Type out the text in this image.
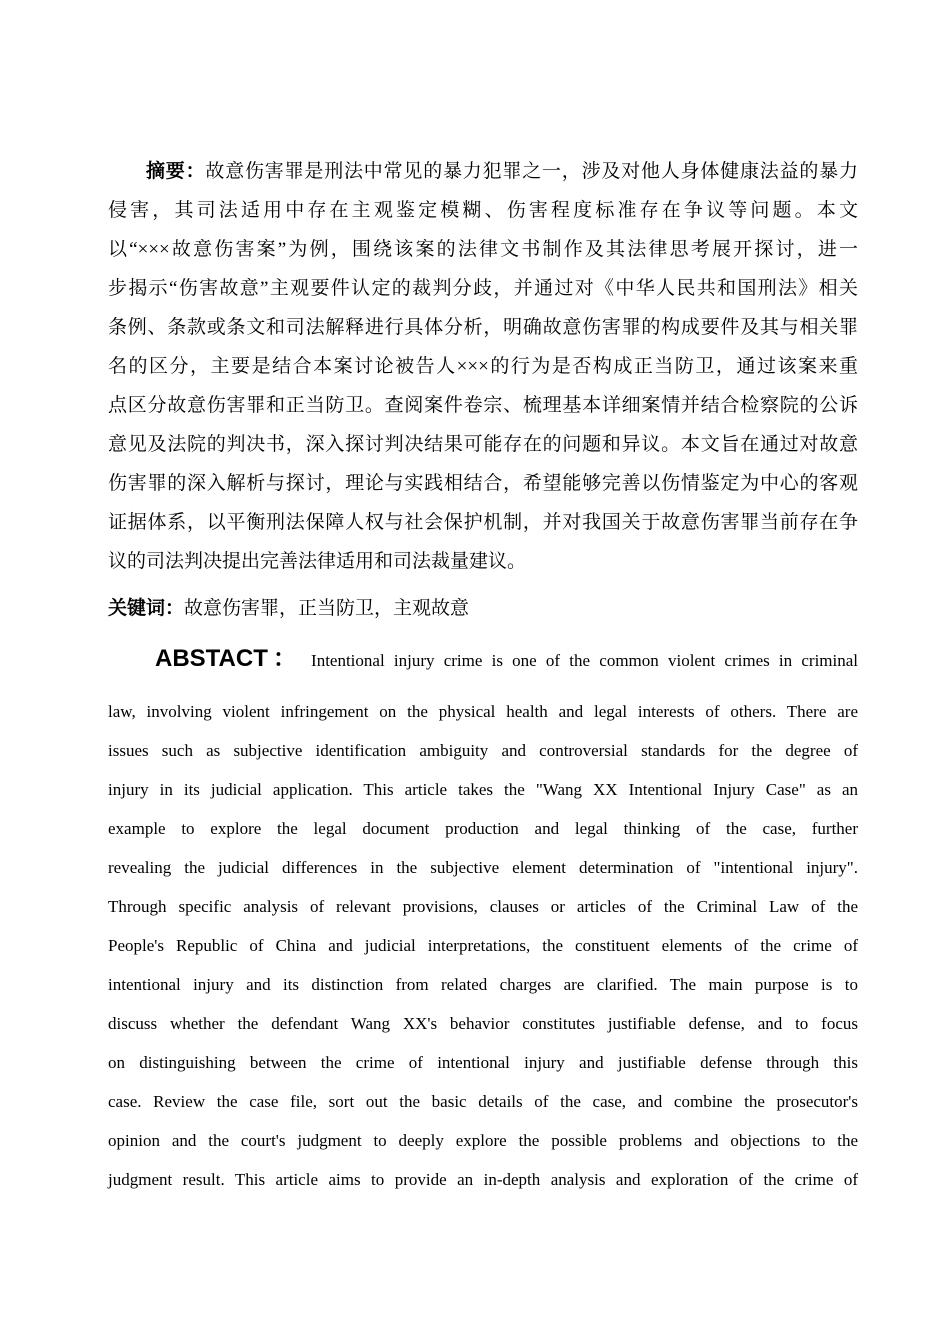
摘要：故意伤害罪是刑法中常见的暴力犯罪之一，涉及对他人身体健康法益的暴力
侵害，其司法适用中存在主观鉴定模糊、伤害程度标准存在争议等问题。本文
以“×××故意伤害案”为例，围绕该案的法律文书制作及其法律思考展开探讨，进一
步揭示“伤害故意”主观要件认定的裁判分歧，并通过对《中华人民共和国刑法》相关
条例、条款或条文和司法解释进行具体分析，明确故意伤害罪的构成要件及其与相关罪
名的区分，主要是结合本案讨论被告人×××的行为是否构成正当防卫，通过该案来重
点区分故意伤害罪和正当防卫。查阅案件卷宗、梳理基本详细案情并结合检察院的公诉
意见及法院的判决书，深入探讨判决结果可能存在的问题和异议。本文旨在通过对故意
伤害罪的深入解析与探讨，理论与实践相结合，希望能够完善以伤情鉴定为中心的客观
证据体系，以平衡刑法保障人权与社会保护机制，并对我国关于故意伤害罪当前存在争
议的司法判决提出完善法律适用和司法裁量建议。
关键词：故意伤害罪，正当防卫，主观故意
ABSTACT： Intentional injury crime is one of the common violent crimes in criminal
law, involving violent infringement on the physical health and legal interests of others. There are
issues such as subjective identification ambiguity and controversial standards for the degree of
injury in its judicial application. This article takes the "Wang XX Intentional Injury Case" as an
example to explore the legal document production and legal thinking of the case, further
revealing the judicial differences in the subjective element determination of "intentional injury".
Through specific analysis of relevant provisions, clauses or articles of the Criminal Law of the
People's Republic of China and judicial interpretations, the constituent elements of the crime of
intentional injury and its distinction from related charges are clarified. The main purpose is to
discuss whether the defendant Wang XX's behavior constitutes justifiable defense, and to focus
on distinguishing between the crime of intentional injury and justifiable defense through this
case. Review the case file, sort out the basic details of the case, and combine the prosecutor's
opinion and the court's judgment to deeply explore the possible problems and objections to the
judgment result. This article aims to provide an in-depth analysis and exploration of the crime of
